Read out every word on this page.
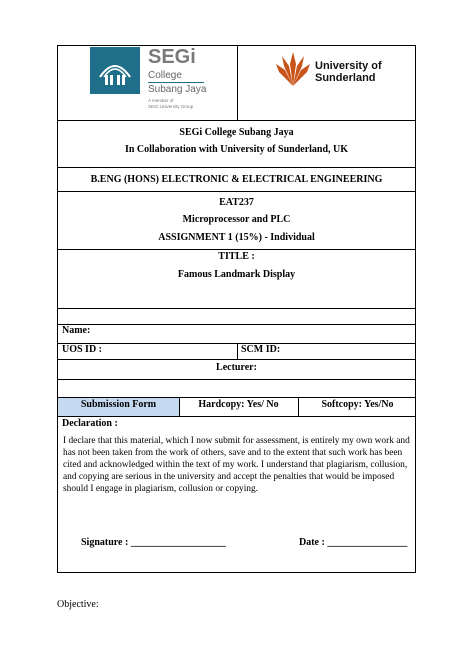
SEGi College Subang Jaya
In Collaboration with University of Sunderland, UK
B.ENG (HONS) ELECTRONIC & ELECTRICAL ENGINEERING
EAT237
Microprocessor and PLC
ASSIGNMENT 1 (15%) - Individual
TITLE :
Famous Landmark Display
Name:
UOS ID :	SCM ID:
Lecturer:
Submission Form	Hardcopy: Yes/ No	Softcopy: Yes/No
Declaration :
I declare that this material, which I now submit for assessment, is entirely my own work and has not been taken from the work of others, save and to the extent that such work has been cited and acknowledged within the text of my work. I understand that plagiarism, collusion, and copying are serious in the university and accept the penalties that would be imposed should I engage in plagiarism, collusion or copying.
Signature : ___________________	Date : ________________
SEGi
College
Subang Jaya
A member of
SEGi University Group
University of
Sunderland
Objective:
